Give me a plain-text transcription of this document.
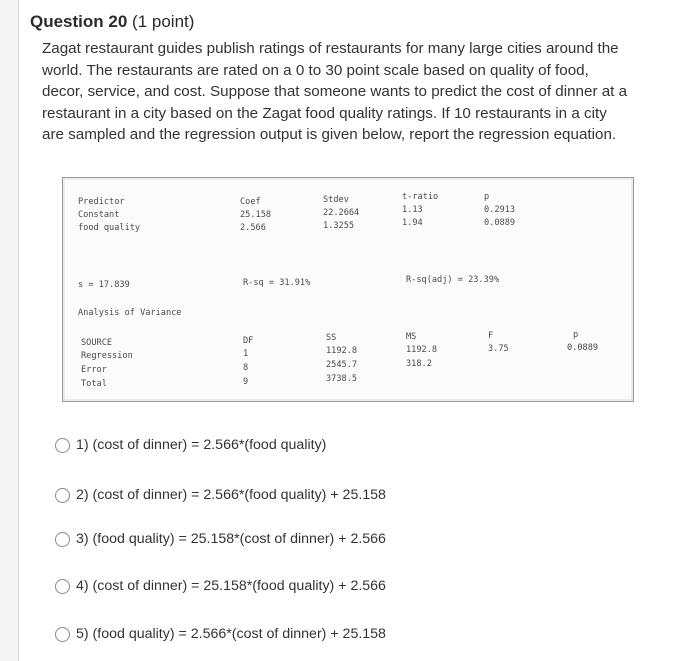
Question 20 (1 point)
Zagat restaurant guides publish ratings of restaurants for many large cities around the world. The restaurants are rated on a 0 to 30 point scale based on quality of food, decor, service, and cost. Suppose that someone wants to predict the cost of dinner at a restaurant in a city based on the Zagat food quality ratings. If 10 restaurants in a city are sampled and the regression output is given below, report the regression equation.
Predictor	Coef	Stdev	t-ratio	p
Constant	25.158	22.2664	1.13	0.2913
food quality	2.566	1.3255	1.94	0.0889
s = 17.839	R-sq = 31.91%	R-sq(adj) = 23.39%
Analysis of Variance
SOURCE	DF	SS	MS	F	p
Regression	1	1192.8	1192.8	3.75	0.0889
Error	8	2545.7	318.2
Total	9	3738.5
1) (cost of dinner) = 2.566*(food quality)
2) (cost of dinner) = 2.566*(food quality) + 25.158
3) (food quality) = 25.158*(cost of dinner) + 2.566
4) (cost of dinner) = 25.158*(food quality) + 2.566
5) (food quality) = 2.566*(cost of dinner) + 25.158
